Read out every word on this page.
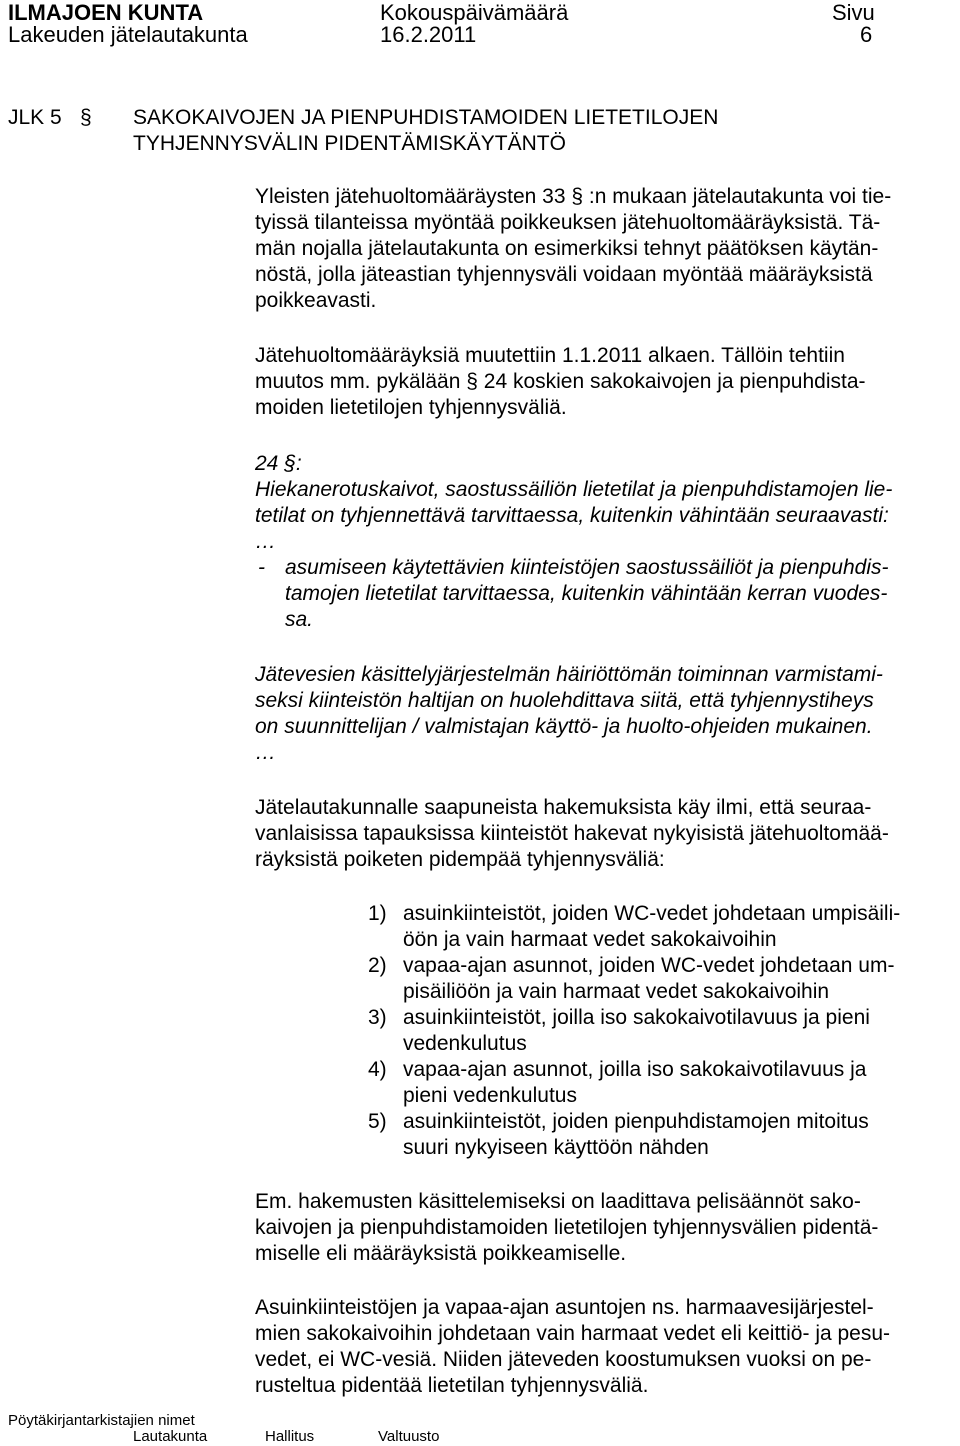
ILMAJOEN KUNTA
Lakeuden jätelautakunta
Kokouspäivämäärä
16.2.2011
Sivu
6
JLK 5 § SAKOKAIVOJEN JA PIENPUHDISTAMOIDEN LIETETILOJEN
TYHJENNYSVÄLIN PIDENTÄMISKÄYTÄNTÖ
Yleisten jätehuoltomääräysten 33 § :n mukaan jätelautakunta voi tie-
tyissä tilanteissa myöntää poikkeuksen jätehuoltomääräyksistä. Tä-
män nojalla jätelautakunta on esimerkiksi tehnyt päätöksen käytän-
nöstä, jolla jäteastian tyhjennysväli voidaan myöntää määräyksistä
poikkeavasti.
Jätehuoltomääräyksiä muutettiin 1.1.2011 alkaen. Tällöin tehtiin
muutos mm. pykälään § 24 koskien sakokaivojen ja pienpuhdista-
moiden lietetilojen tyhjennysväliä.
24 §:
Hiekanerotuskaivot, saostussäiliön lietetilat ja pienpuhdistamojen lie-
tetilat on tyhjennettävä tarvittaessa, kuitenkin vähintään seuraavasti:
…
- asumiseen käytettävien kiinteistöjen saostussäiliöt ja pienpuhdis-
tamojen lietetilat tarvittaessa, kuitenkin vähintään kerran vuodes-
sa.
Jätevesien käsittelyjärjestelmän häiriöttömän toiminnan varmistami-
seksi kiinteistön haltijan on huolehdittava siitä, että tyhjennystiheys
on suunnittelijan / valmistajan käyttö- ja huolto-ohjeiden mukainen.
…
Jätelautakunnalle saapuneista hakemuksista käy ilmi, että seuraa-
vanlaisissa tapauksissa kiinteistöt hakevat nykyisistä jätehuoltomää-
räyksistä poiketen pidempää tyhjennysväliä:
1) asuinkiinteistöt, joiden WC-vedet johdetaan umpisäili-
öön ja vain harmaat vedet sakokaivoihin
2) vapaa-ajan asunnot, joiden WC-vedet johdetaan um-
pisäiliöön ja vain harmaat vedet sakokaivoihin
3) asuinkiinteistöt, joilla iso sakokaivotilavuus ja pieni
vedenkulutus
4) vapaa-ajan asunnot, joilla iso sakokaivotilavuus ja
pieni vedenkulutus
5) asuinkiinteistöt, joiden pienpuhdistamojen mitoitus
suuri nykyiseen käyttöön nähden
Em. hakemusten käsittelemiseksi on laadittava pelisäännöt sako-
kaivojen ja pienpuhdistamoiden lietetilojen tyhjennysvälien pidentä-
miselle eli määräyksistä poikkeamiselle.
Asuinkiinteistöjen ja vapaa-ajan asuntojen ns. harmaavesijärjestel-
mien sakokaivoihin johdetaan vain harmaat vedet eli keittiö- ja pesu-
vedet, ei WC-vesiä. Niiden jäteveden koostumuksen vuoksi on pe-
rusteltua pidentää lietetilan tyhjennysväliä.
Pöytäkirjantarkistajien nimet
Lautakunta	Hallitus	Valtuusto
